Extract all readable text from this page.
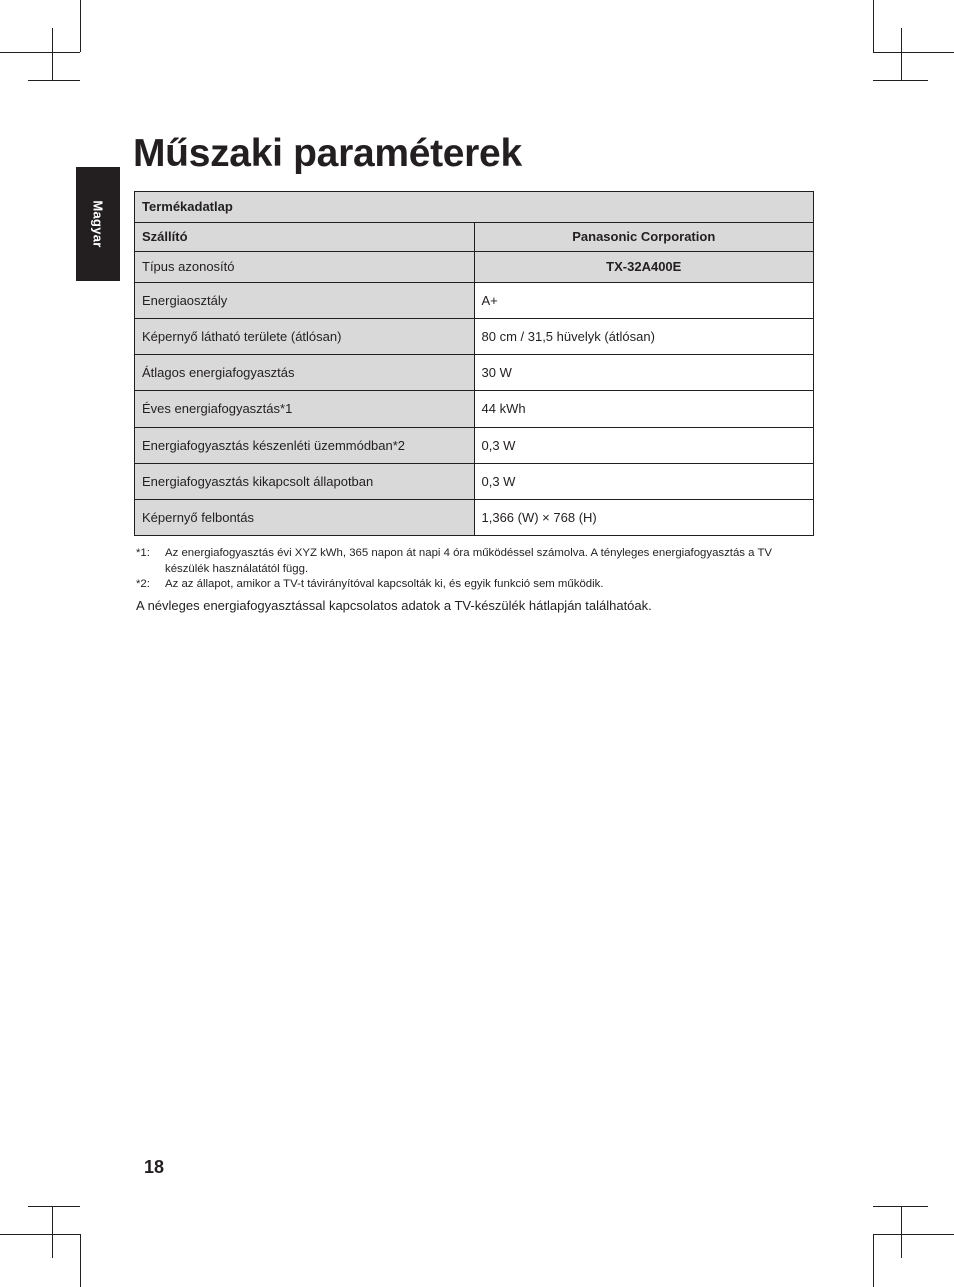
Magyar
Műszaki paraméterek
Termékadatlap	
Szállító	Panasonic Corporation
Típus azonosító	TX-32A400E
Energiaosztály	A+
Képernyő látható területe (átlósan)	80 cm / 31,5 hüvelyk (átlósan)
Átlagos energiafogyasztás	30 W
Éves energiafogyasztás*1	44 kWh
Energiafogyasztás készenléti üzemmódban*2	0,3 W
Energiafogyasztás kikapcsolt állapotban	0,3 W
Képernyő felbontás	1,366 (W) × 768 (H)
*1:	Az energiafogyasztás évi XYZ kWh, 365 napon át napi 4 óra működéssel számolva. A tényleges energiafogyasztás a TV készülék használatától függ.
*2:	Az az állapot, amikor a TV-t távirányítóval kapcsolták ki, és egyik funkció sem működik.
A névleges energiafogyasztással kapcsolatos adatok a TV-készülék hátlapján találhatóak.
18
